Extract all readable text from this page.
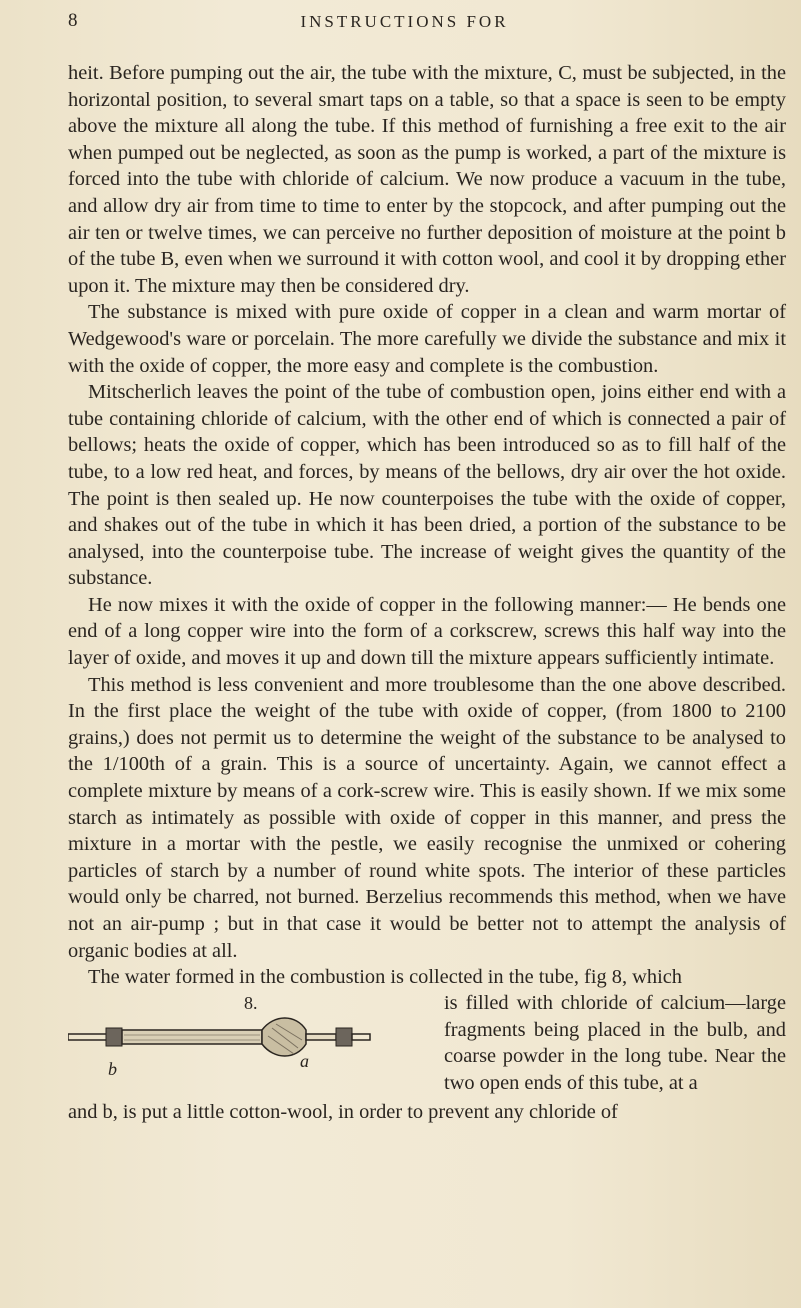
8	INSTRUCTIONS FOR

heit. Before pumping out the air, the tube with the mixture, C, must be subjected, in the horizontal position, to several smart taps on a table, so that a space is seen to be empty above the mixture all along the tube. If this method of furnishing a free exit to the air when pumped out be neglected, as soon as the pump is worked, a part of the mixture is forced into the tube with chloride of calcium. We now produce a vacuum in the tube, and allow dry air from time to time to enter by the stopcock, and after pumping out the air ten or twelve times, we can perceive no further deposition of moisture at the point b of the tube B, even when we surround it with cotton wool, and cool it by dropping ether upon it. The mixture may then be considered dry.

The substance is mixed with pure oxide of copper in a clean and warm mortar of Wedgewood's ware or porcelain. The more carefully we divide the substance and mix it with the oxide of copper, the more easy and complete is the combustion.

Mitscherlich leaves the point of the tube of combustion open, joins either end with a tube containing chloride of calcium, with the other end of which is connected a pair of bellows; heats the oxide of copper, which has been introduced so as to fill half of the tube, to a low red heat, and forces, by means of the bellows, dry air over the hot oxide. The point is then sealed up. He now counterpoises the tube with the oxide of copper, and shakes out of the tube in which it has been dried, a portion of the substance to be analysed, into the counterpoise tube. The increase of weight gives the quantity of the substance.

He now mixes it with the oxide of copper in the following manner:— He bends one end of a long copper wire into the form of a corkscrew, screws this half way into the layer of oxide, and moves it up and down till the mixture appears sufficiently intimate.

This method is less convenient and more troublesome than the one above described. In the first place the weight of the tube with oxide of copper, (from 1800 to 2100 grains,) does not permit us to determine the weight of the substance to be analysed to the 1/100th of a grain. This is a source of uncertainty. Again, we cannot effect a complete mixture by means of a cork-screw wire. This is easily shown. If we mix some starch as intimately as possible with oxide of copper in this manner, and press the mixture in a mortar with the pestle, we easily recognise the unmixed or cohering particles of starch by a number of round white spots. The interior of these particles would only be charred, not burned. Berzelius recommends this method, when we have not an air-pump ; but in that case it would be better not to attempt the analysis of organic bodies at all.

The water formed in the combustion is collected in the tube, fig 8, which
8.
a
b
is filled with chloride of calcium—large fragments being placed in the bulb, and coarse powder in the long tube. Near the two open ends of this tube, at a
and b, is put a little cotton-wool, in order to prevent any chloride of
